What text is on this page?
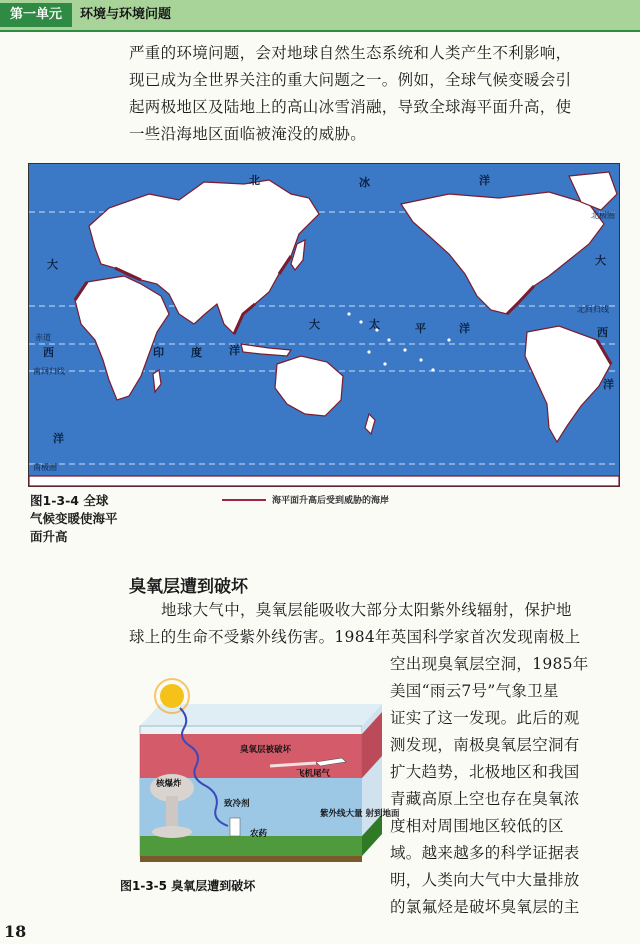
第一单元	环境与环境问题
严重的环境问题，会对地球自然生态系统和人类产生不利影响，
现已成为全世界关注的重大问题之一。例如，全球气候变暖会引
起两极地区及陆地上的高山冰雪消融，导致全球海平面升高，使
一些沿海地区面临被淹没的威胁。
北	冰	洋
大	大
大	太	平	洋
印 度 洋
西
西
洋
洋
北极圈
北回归线
赤道
南回归线
南极圈
图1-3-4 全球
气候变暖使海平
面升高
海平面升高后受到威胁的海岸
臭氧层遭到破坏
地球大气中，臭氧层能吸收大部分太阳紫外线辐射，保护地
球上的生命不受紫外线伤害。1984年英国科学家首次发现南极上
空出现臭氧层空洞，1985年
美国“雨云7号”气象卫星
证实了这一发现。此后的观
测发现，南极臭氧层空洞有
扩大趋势，北极地区和我国
青藏高原上空也存在臭氧浓
度相对周围地区较低的区
域。越来越多的科学证据表
明，人类向大气中大量排放
的氯氟烃是破坏臭氧层的主
臭氧层被破坏
飞机尾气
核爆炸
致冷剂
农药
紫外线大量 射到地面
图1-3-5 臭氧层遭到破坏
18
